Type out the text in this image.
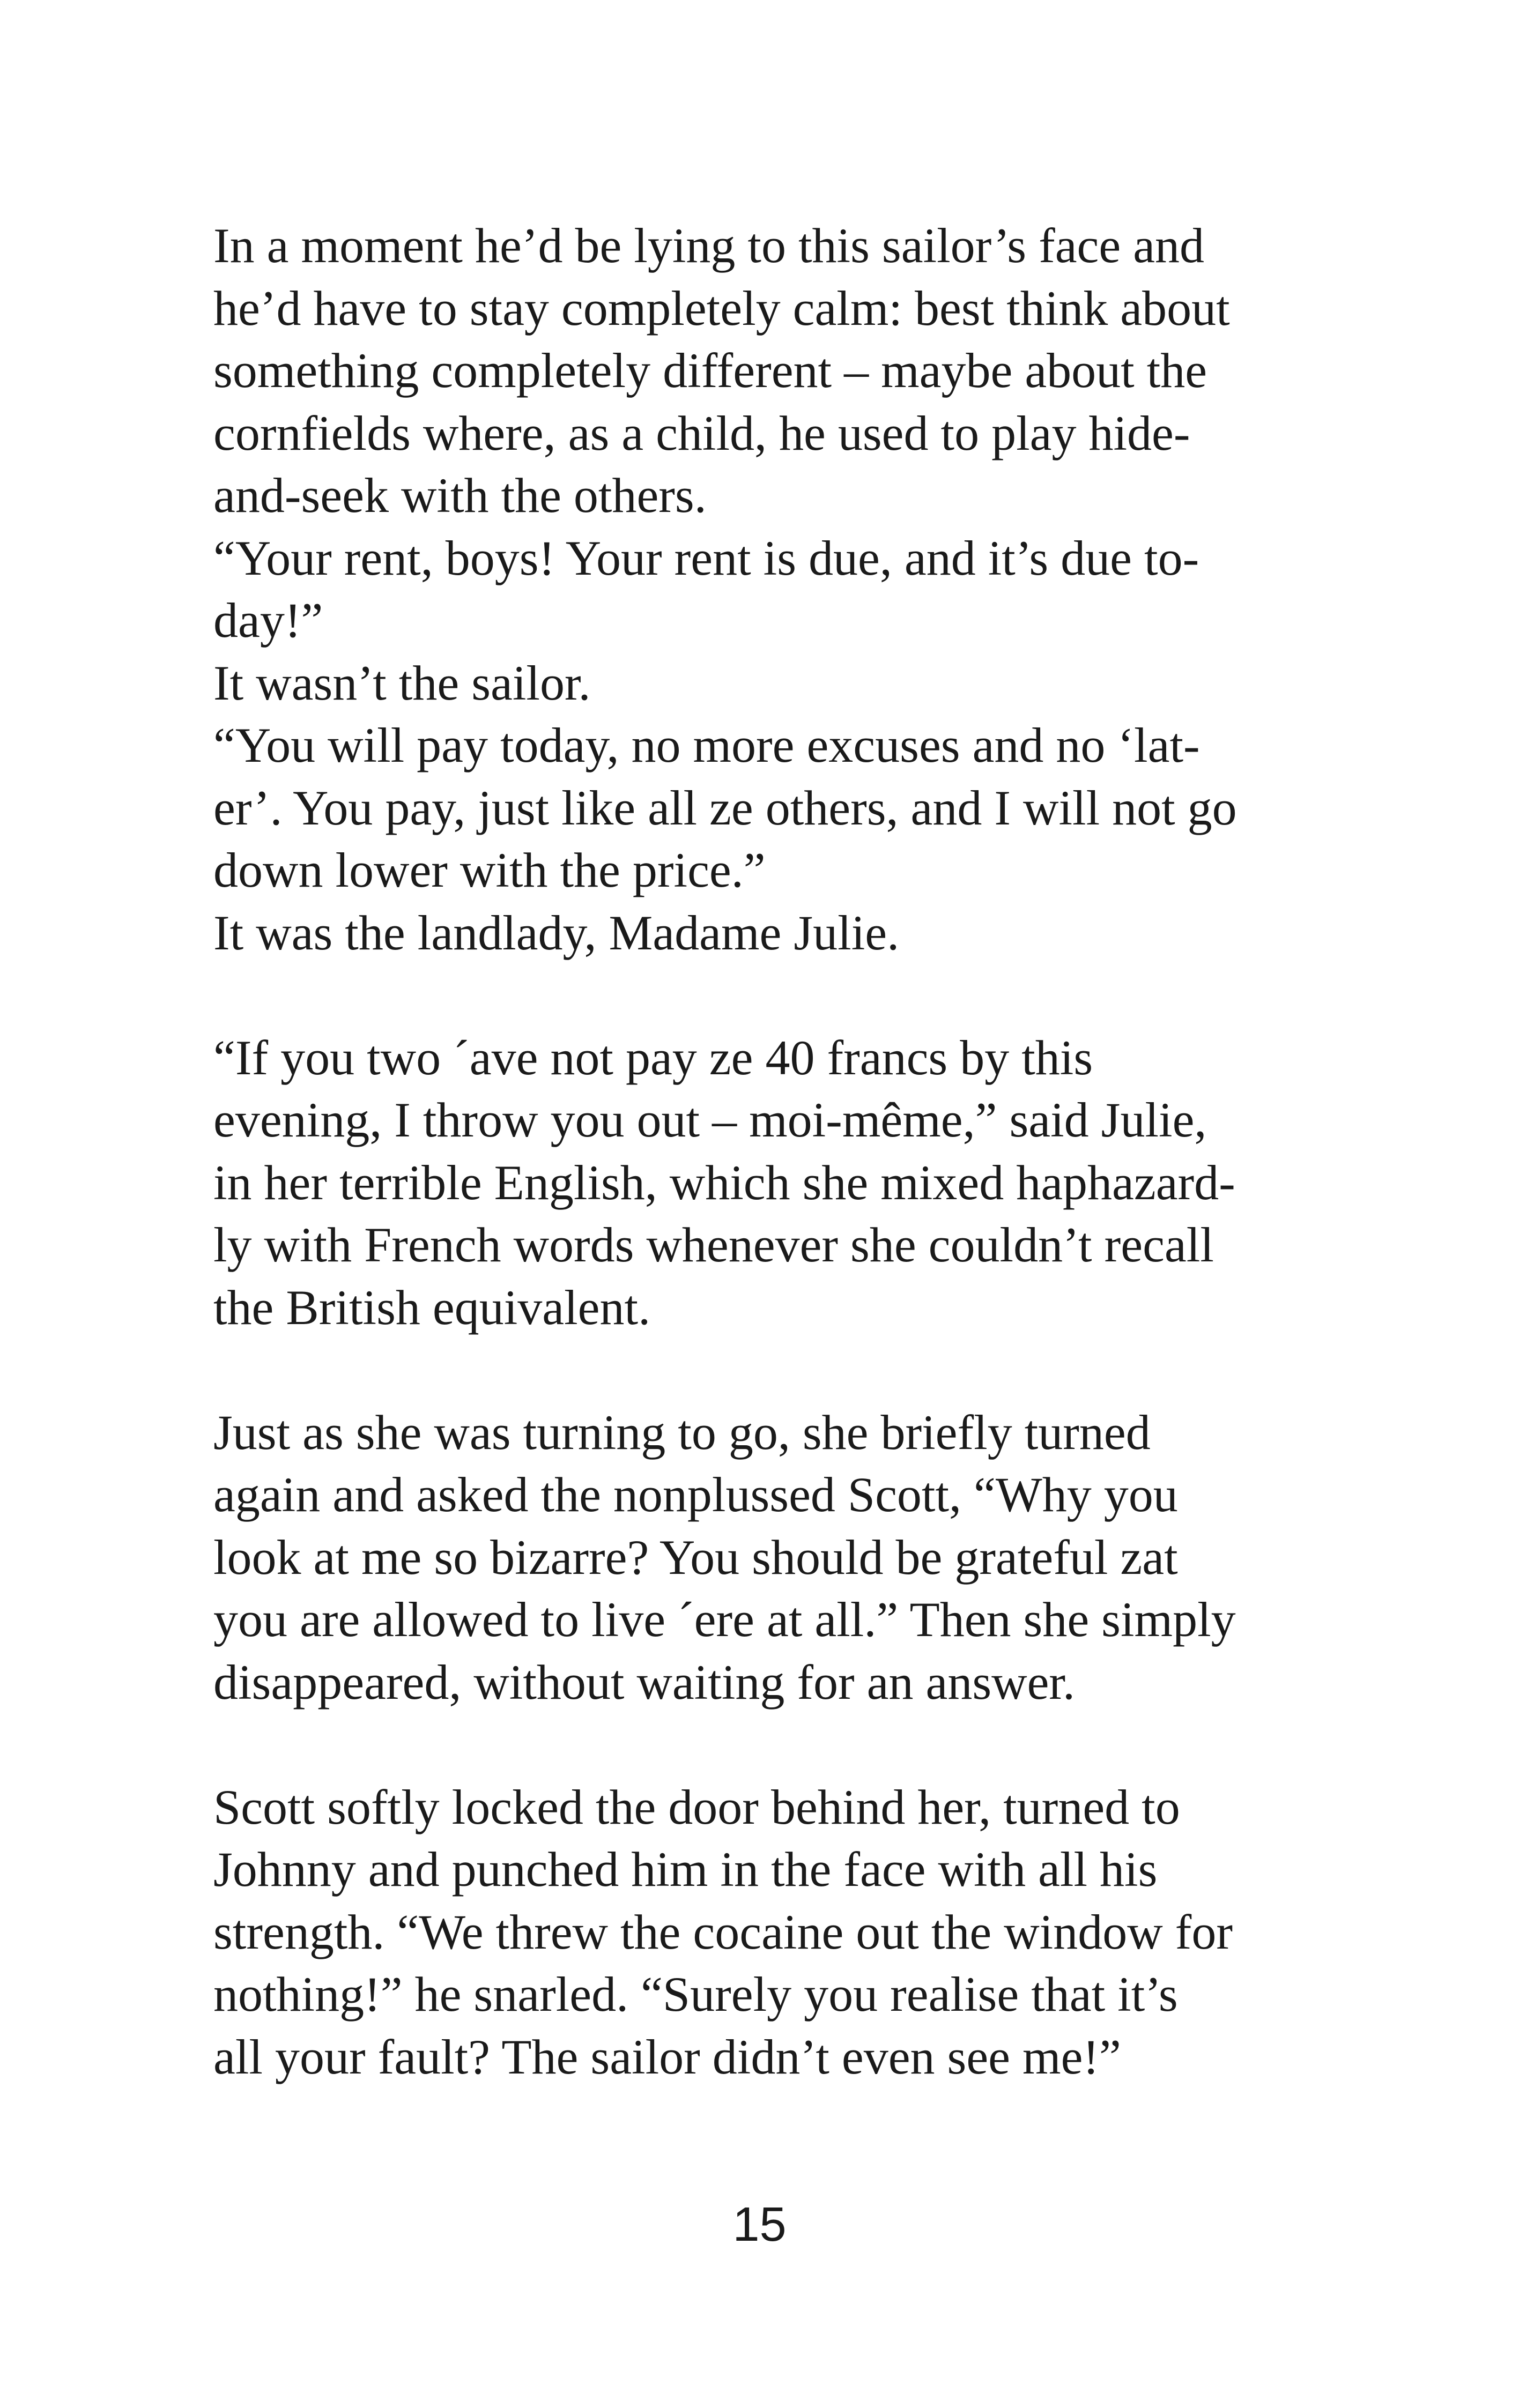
In a moment he’d be lying to this sailor’s face and
he’d have to stay completely calm: best think about
something completely different – maybe about the
cornfields where, as a child, he used to play hide-
and-seek with the others.
“Your rent, boys! Your rent is due, and it’s due to-
day!”
It wasn’t the sailor.
“You will pay today, no more excuses and no ‘lat-
er’. You pay, just like all ze others, and I will not go
down lower with the price.”
It was the landlady, Madame Julie.
“If you two ´ave not pay ze 40 francs by this
evening, I throw you out – moi-même,” said Julie,
in her terrible English, which she mixed haphazard-
ly with French words whenever she couldn’t recall
the British equivalent.
Just as she was turning to go, she briefly turned
again and asked the nonplussed Scott, “Why you
look at me so bizarre? You should be grateful zat
you are allowed to live ´ere at all.” Then she simply
disappeared, without waiting for an answer.
Scott softly locked the door behind her, turned to
Johnny and punched him in the face with all his
strength. “We threw the cocaine out the window for
nothing!” he snarled. “Surely you realise that it’s
all your fault? The sailor didn’t even see me!”
15
